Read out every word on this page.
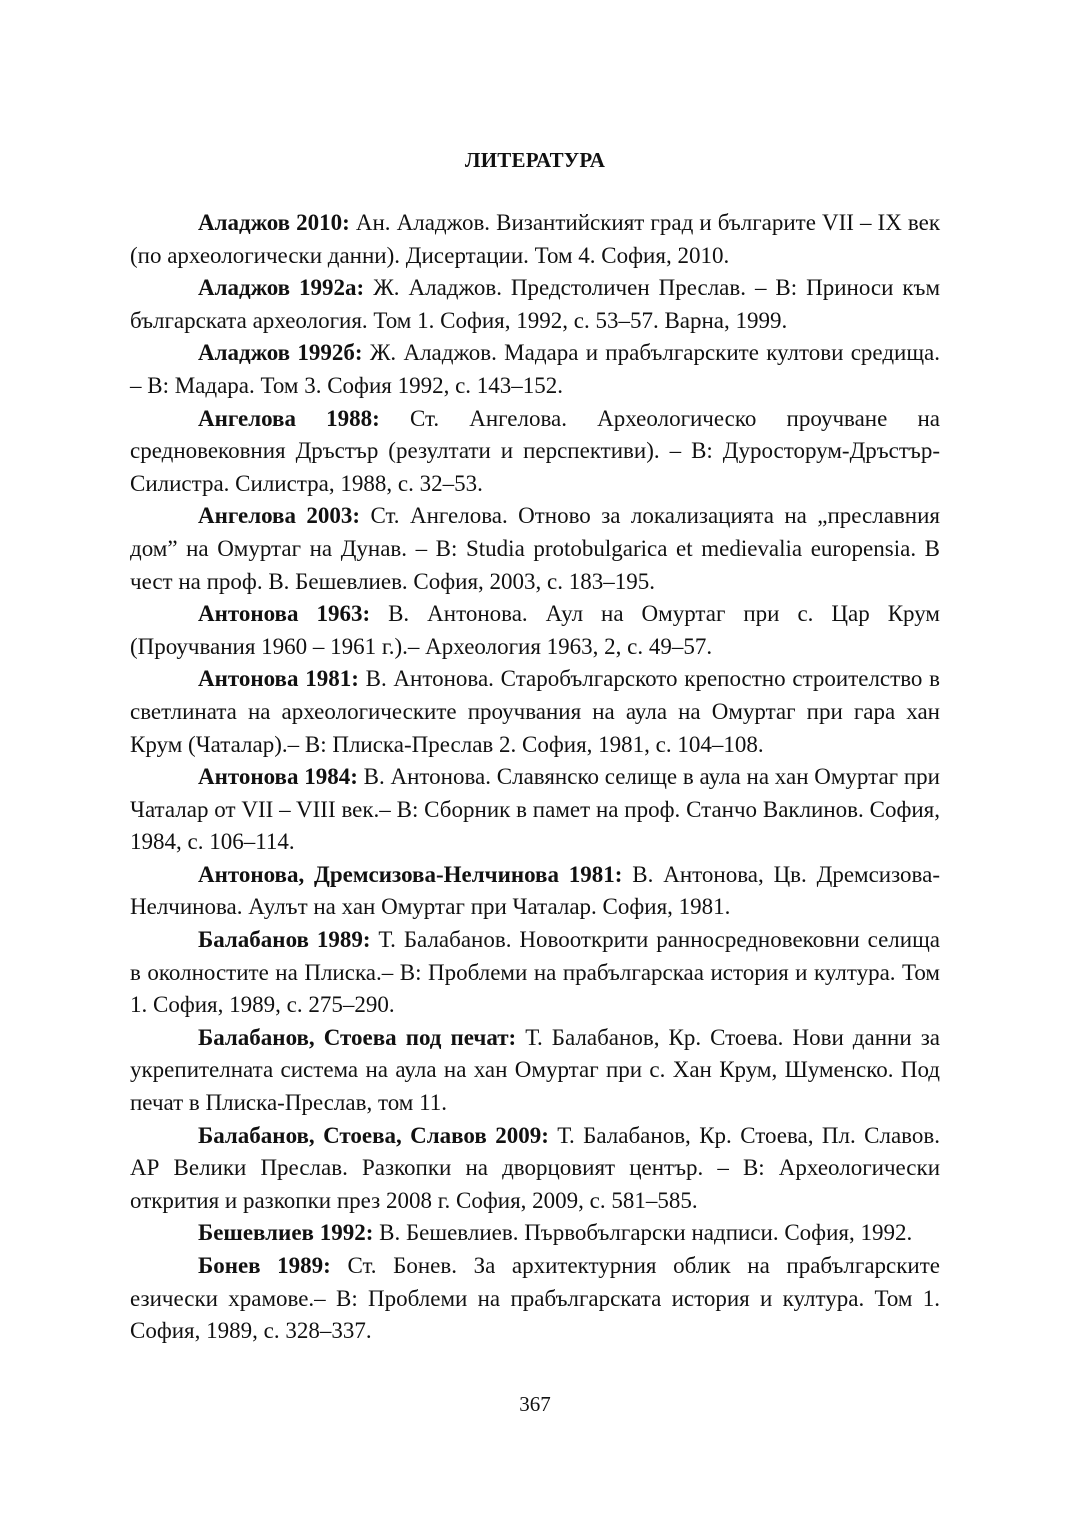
ЛИТЕРАТУРА

Аладжов 2010: Ан. Аладжов. Византийският град и българите VII – IX век (по археологически данни). Дисертации. Том 4. София, 2010.

Аладжов 1992а: Ж. Аладжов. Предстоличен Преслав. – В: Приноси към българската археология. Том 1. София, 1992, с. 53–57. Варна, 1999.

Аладжов 1992б: Ж. Аладжов. Мадара и прабългарските култови средища. – В: Мадара. Том 3. София 1992, с. 143–152.

Ангелова 1988: Ст. Ангелова. Археологическо проучване на средновековния Дръстър (резултати и перспективи). – В: Дуросторум-Дръстър-Силистра. Силистра, 1988, с. 32–53.

Ангелова 2003: Ст. Ангелова. Отново за локализацията на „преславния дом” на Омуртаг на Дунав. – В: Studia protobulgarica et medievalia europensia. В чест на проф. В. Бешевлиев. София, 2003, с. 183–195.

Антонова 1963: В. Антонова. Аул на Омуртаг при с. Цар Крум (Проучвания 1960 – 1961 г.).– Археология 1963, 2, с. 49–57.

Антонова 1981: В. Антонова. Старобългарското крепостно строителство в светлината на археологическите проучвания на аула на Омуртаг при гара хан Крум (Чаталар).– В: Плиска-Преслав 2. София, 1981, с. 104–108.

Антонова 1984: В. Антонова. Славянско селище в аула на хан Омуртаг при Чаталар от VII – VIII век.– В: Сборник в памет на проф. Станчо Ваклинов. София, 1984, с. 106–114.

Антонова, Дремсизова-Нелчинова 1981: В. Антонова, Цв. Дремсизова-Нелчинова. Аулът на хан Омуртаг при Чаталар. София, 1981.

Балабанов 1989: Т. Балабанов. Новооткрити ранносредновековни селища в околностите на Плиска.– В: Проблеми на прабългарскаа история и култура. Том 1. София, 1989, с. 275–290.

Балабанов, Стоева под печат: Т. Балабанов, Кр. Стоева. Нови данни за укрепителната система на аула на хан Омуртаг при с. Хан Крум, Шуменско. Под печат в Плиска-Преслав, том 11.

Балабанов, Стоева, Славов 2009: Т. Балабанов, Кр. Стоева, Пл. Славов. АР Велики Преслав. Разкопки на дворцовият център. – В: Археологически открития и разкопки през 2008 г. София, 2009, с. 581–585.

Бешевлиев 1992: В. Бешевлиев. Първобългарски надписи. София, 1992.

Бонев 1989: Ст. Бонев. За архитектурния облик на прабългарските езически храмове.– В: Проблеми на прабългарската история и култура. Том 1. София, 1989, с. 328–337.

367
